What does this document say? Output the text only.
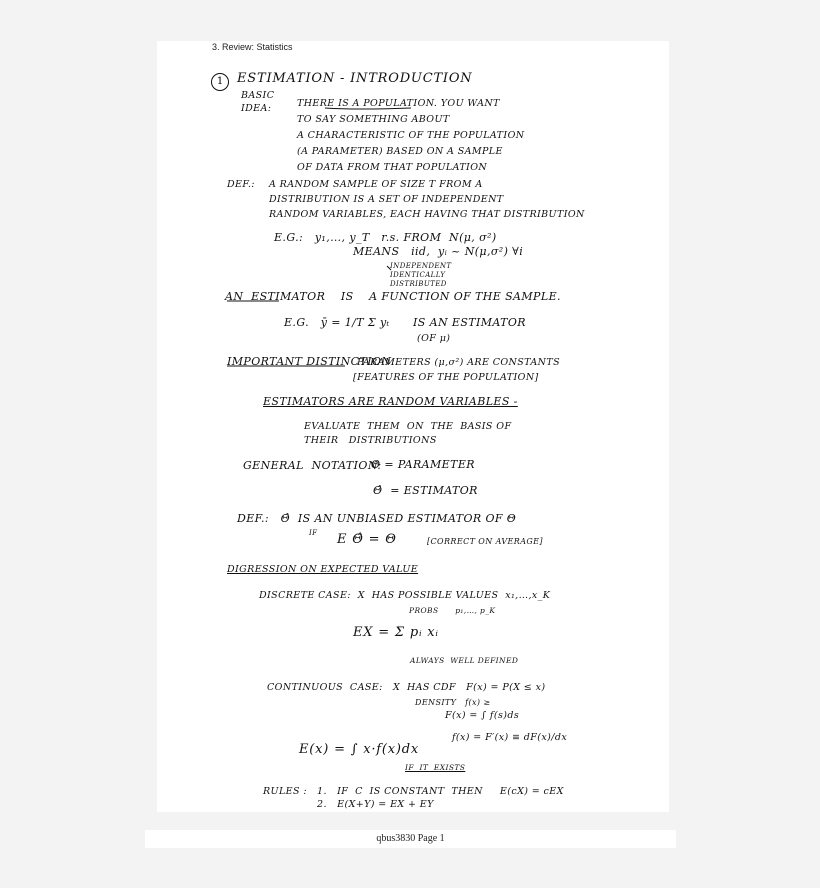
3. Review: Statistics
1	ESTIMATION - INTRODUCTION
BASIC
IDEA:	THERE IS A POPULATION. YOU WANT
TO SAY SOMETHING ABOUT
A CHARACTERISTIC OF THE POPULATION
(A PARAMETER) BASED ON A SAMPLE
OF DATA FROM THAT POPULATION
DEF.: A RANDOM SAMPLE OF SIZE T FROM A
DISTRIBUTION IS A SET OF INDEPENDENT
RANDOM VARIABLES, EACH HAVING THAT DISTRIBUTION
E.G.:   y₁,…, y_T   r.s. FROM  N(μ, σ²)
MEANS   iid,  yᵢ ~ N(μ,σ²) ∀i
INDEPENDENT
IDENTICALLY
DISTRIBUTED
AN  ESTIMATOR    IS    A FUNCTION OF THE SAMPLE.
E.G.   ȳ = 1/T Σ yₜ      IS AN ESTIMATOR
(OF μ)
IMPORTANT DISTINCTION:
PARAMETERS (μ,σ²) ARE CONSTANTS
[FEATURES OF THE POPULATION]
ESTIMATORS ARE RANDOM VARIABLES -
EVALUATE  THEM  ON  THE  BASIS OF
THEIR   DISTRIBUTIONS
GENERAL  NOTATION:
Θ = PARAMETER
Θ̂  = ESTIMATOR
DEF.:   Θ̂  IS AN UNBIASED ESTIMATOR OF Θ
IF E Θ̂ = Θ	[CORRECT ON AVERAGE]
DIGRESSION ON EXPECTED VALUE
DISCRETE CASE:  X  HAS POSSIBLE VALUES  x₁,…,x_K
PROBS      p₁,…, p_K
EX = Σ pᵢ xᵢ
ALWAYS  WELL DEFINED
CONTINUOUS  CASE:   X  HAS CDF   F(x) = P(X ≤ x)
DENSITY   f(x) ≥
F(x) = ∫ f(s)ds
f(x) = F′(x) ≡ dF(x)/dx
E(x) = ∫ x·f(x)dx
IF  IT  EXISTS
RULES : 1.   IF  C  IS CONSTANT  THEN     E(cX) = cEX
2.   E(X+Y) = EX + EY
qbus3830 Page 1
